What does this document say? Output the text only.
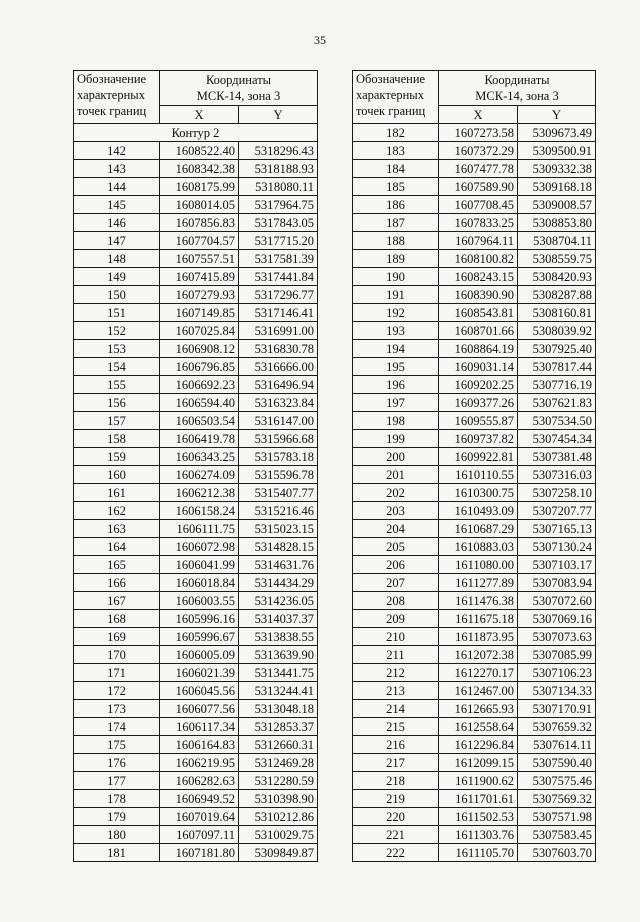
35
Обозначение
характерных
точек границ	Координаты
МСК-14, зона 3	
	X	Y
Контур 2		
142	1608522.40	5318296.43
143	1608342.38	5318188.93
144	1608175.99	5318080.11
145	1608014.05	5317964.75
146	1607856.83	5317843.05
147	1607704.57	5317715.20
148	1607557.51	5317581.39
149	1607415.89	5317441.84
150	1607279.93	5317296.77
151	1607149.85	5317146.41
152	1607025.84	5316991.00
153	1606908.12	5316830.78
154	1606796.85	5316666.00
155	1606692.23	5316496.94
156	1606594.40	5316323.84
157	1606503.54	5316147.00
158	1606419.78	5315966.68
159	1606343.25	5315783.18
160	1606274.09	5315596.78
161	1606212.38	5315407.77
162	1606158.24	5315216.46
163	1606111.75	5315023.15
164	1606072.98	5314828.15
165	1606041.99	5314631.76
166	1606018.84	5314434.29
167	1606003.55	5314236.05
168	1605996.16	5314037.37
169	1605996.67	5313838.55
170	1606005.09	5313639.90
171	1606021.39	5313441.75
172	1606045.56	5313244.41
173	1606077.56	5313048.18
174	1606117.34	5312853.37
175	1606164.83	5312660.31
176	1606219.95	5312469.28
177	1606282.63	5312280.59
178	1606949.52	5310398.90
179	1607019.64	5310212.86
180	1607097.11	5310029.75
181	1607181.80	5309849.87
Обозначение
характерных
точек границ	Координаты
МСК-14, зона 3	
	X	Y
182	1607273.58	5309673.49
183	1607372.29	5309500.91
184	1607477.78	5309332.38
185	1607589.90	5309168.18
186	1607708.45	5309008.57
187	1607833.25	5308853.80
188	1607964.11	5308704.11
189	1608100.82	5308559.75
190	1608243.15	5308420.93
191	1608390.90	5308287.88
192	1608543.81	5308160.81
193	1608701.66	5308039.92
194	1608864.19	5307925.40
195	1609031.14	5307817.44
196	1609202.25	5307716.19
197	1609377.26	5307621.83
198	1609555.87	5307534.50
199	1609737.82	5307454.34
200	1609922.81	5307381.48
201	1610110.55	5307316.03
202	1610300.75	5307258.10
203	1610493.09	5307207.77
204	1610687.29	5307165.13
205	1610883.03	5307130.24
206	1611080.00	5307103.17
207	1611277.89	5307083.94
208	1611476.38	5307072.60
209	1611675.18	5307069.16
210	1611873.95	5307073.63
211	1612072.38	5307085.99
212	1612270.17	5307106.23
213	1612467.00	5307134.33
214	1612665.93	5307170.91
215	1612558.64	5307659.32
216	1612296.84	5307614.11
217	1612099.15	5307590.40
218	1611900.62	5307575.46
219	1611701.61	5307569.32
220	1611502.53	5307571.98
221	1611303.76	5307583.45
222	1611105.70	5307603.70
